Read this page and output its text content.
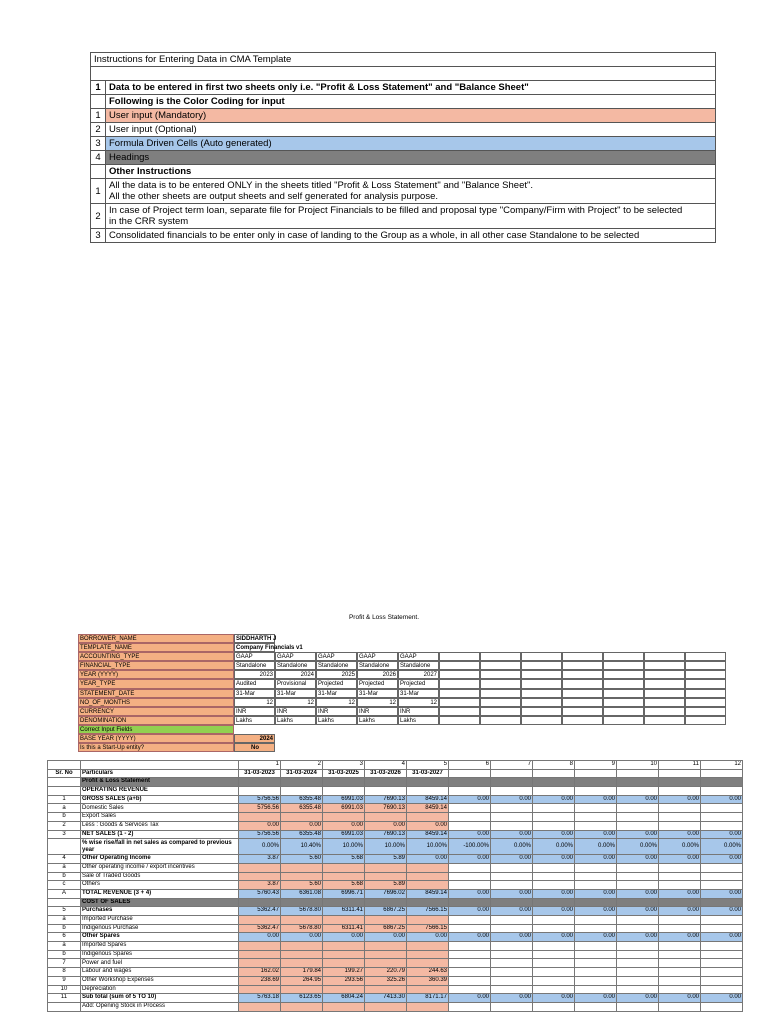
Instructions for Entering Data in CMA Template
1 Data to be entered in first two sheets only i.e. "Profit & Loss Statement" and "Balance Sheet"
Following is the Color Coding for input
1 User input (Mandatory)
2 User input (Optional)
3 Formula Driven Cells (Auto generated)
4 Headings
Other Instructions
1 All the data is to be entered ONLY in the sheets titled "Profit & Loss Statement" and "Balance Sheet".
All the other sheets are output sheets and self generated for analysis purpose.
2 In case of Project term loan, separate file for Project Financials to be filled and proposal type "Company/Firm with Project" to be selected
in the CRR system
3 Consolidated financials to be enter only in case of landing to the Group as a whole, in all other case Standalone to be selected
Profit & Loss Statement.
BORROWER_NAME	SIDDHARTH J
TEMPLATE_NAME	Company Financials v1
ACCOUNTING_TYPE	GAAP	GAAP	GAAP	GAAP	GAAP
FINANCIAL_TYPE	Standalone	Standalone	Standalone	Standalone	Standalone
YEAR (YYYY)	2023	2024	2025	2026	2027
YEAR_TYPE	Audited	Provisional	Projected	Projected	Projected
STATEMENT_DATE	31-Mar	31-Mar	31-Mar	31-Mar	31-Mar
NO_OF_MONTHS	12	12	12	12	12
CURRENCY	INR	INR	INR	INR	INR
DENOMINATION	Lakhs	Lakhs	Lakhs	Lakhs	Lakhs
Correct Input Fields
BASE YEAR (YYYY)	2024
Is this a Start-Up entity?	No
		1	2	3	4	5	6	7	8	9	10	11	12
Sr. No	Particulars	31-03-2023	31-03-2024	31-03-2025	31-03-2026	31-03-2027							
	Profit & Loss Statement												
	OPERATING REVENUE												
1	GROSS SALES (a+b)	5756.56	6355.48	6991.03	7690.13	8459.14	0.00	0.00	0.00	0.00	0.00	0.00	0.00
a	Domestic Sales	5756.56	6355.48	6991.03	7690.13	8459.14							
b	Export Sales												
2	Less : Goods & Services Tax	0.00	0.00	0.00	0.00	0.00							
3	NET SALES (1 - 2)	5756.56	6355.48	6991.03	7690.13	8459.14	0.00	0.00	0.00	0.00	0.00	0.00	0.00
	% wise rise/fall in net sales as compared to previous year	0.00%	10.40%	10.00%	10.00%	10.00%	-100.00%	0.00%	0.00%	0.00%	0.00%	0.00%	0.00%
4	Other Operating Income	3.87	5.60	5.68	5.89	0.00	0.00	0.00	0.00	0.00	0.00	0.00	0.00
a	Other operating income / export incentives												
b	Sale of Traded Goods												
c	Others	3.87	5.60	5.68	5.89								
A	TOTAL REVENUE (3 + 4)	5760.43	6361.08	6996.71	7696.02	8459.14	0.00	0.00	0.00	0.00	0.00	0.00	0.00
	COST OF SALES												
5	Purchases	5362.47	5678.80	6311.41	6867.25	7566.15	0.00	0.00	0.00	0.00	0.00	0.00	0.00
a	Imported Purchase												
b	Indigenous Purchase	5362.47	5678.80	6311.41	6867.25	7566.15							
6	Other Spares	0.00	0.00	0.00	0.00	0.00	0.00	0.00	0.00	0.00	0.00	0.00	0.00
a	Imported Spares												
b	Indigenous Spares												
7	Power and fuel												
8	Labour and wages	162.02	179.84	199.27	220.79	244.63							
9	Other Workshop Expenses	238.69	264.95	293.56	325.26	360.39							
10	Depreciation												
11	Sub total (sum of 5 TO 10)	5763.18	6123.65	6804.24	7413.30	8171.17	0.00	0.00	0.00	0.00	0.00	0.00	0.00
	Add: Opening Stock in Process												
